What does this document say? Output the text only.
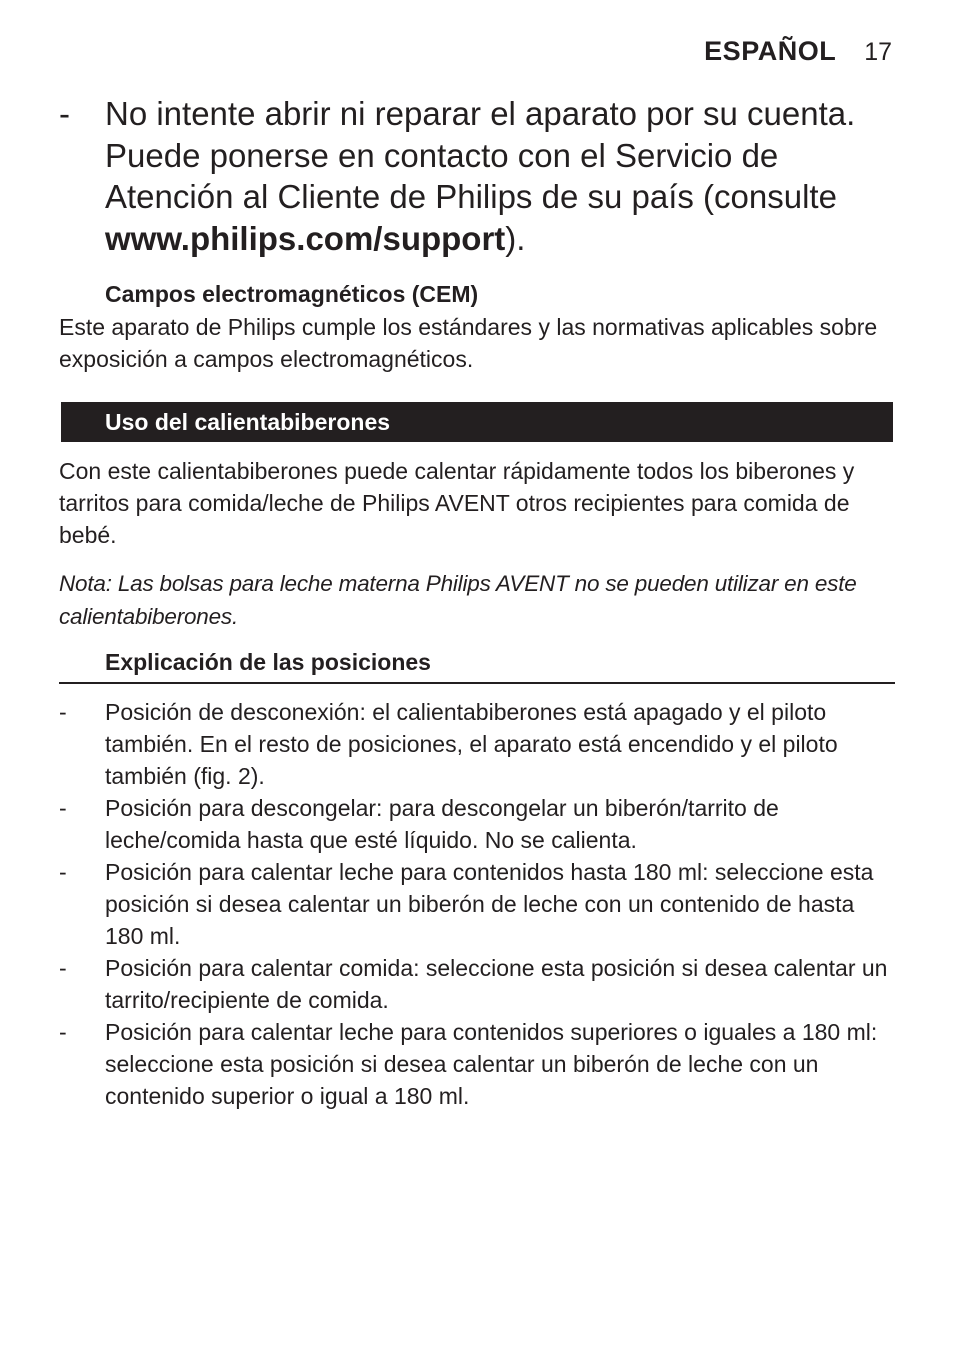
ESPAÑOL 17
- No intente abrir ni reparar el aparato por su cuenta. Puede ponerse en contacto con el Servicio de Atención al Cliente de Philips de su país (consulte www.philips.com/support).
Campos electromagnéticos (CEM)

Este aparato de Philips cumple los estándares y las normativas aplicables sobre exposición a campos electromagnéticos.

Uso del calientabiberones

Con este calientabiberones puede calentar rápidamente todos los biberones y tarritos para comida/leche de Philips AVENT otros recipientes para comida de bebé.

Nota: Las bolsas para leche materna Philips AVENT no se pueden utilizar en este calientabiberones.

Explicación de las posiciones
- Posición de desconexión: el calientabiberones está apagado y el piloto también. En el resto de posiciones, el aparato está encendido y el piloto también (fig. 2).
- Posición para descongelar: para descongelar un biberón/tarrito de leche/comida hasta que esté líquido. No se calienta.
- Posición para calentar leche para contenidos hasta 180 ml: seleccione esta posición si desea calentar un biberón de leche con un contenido de hasta 180 ml.
- Posición para calentar comida: seleccione esta posición si desea calentar un tarrito/recipiente de comida.
- Posición para calentar leche para contenidos superiores o iguales a 180 ml: seleccione esta posición si desea calentar un biberón de leche con un contenido superior o igual a 180 ml.
